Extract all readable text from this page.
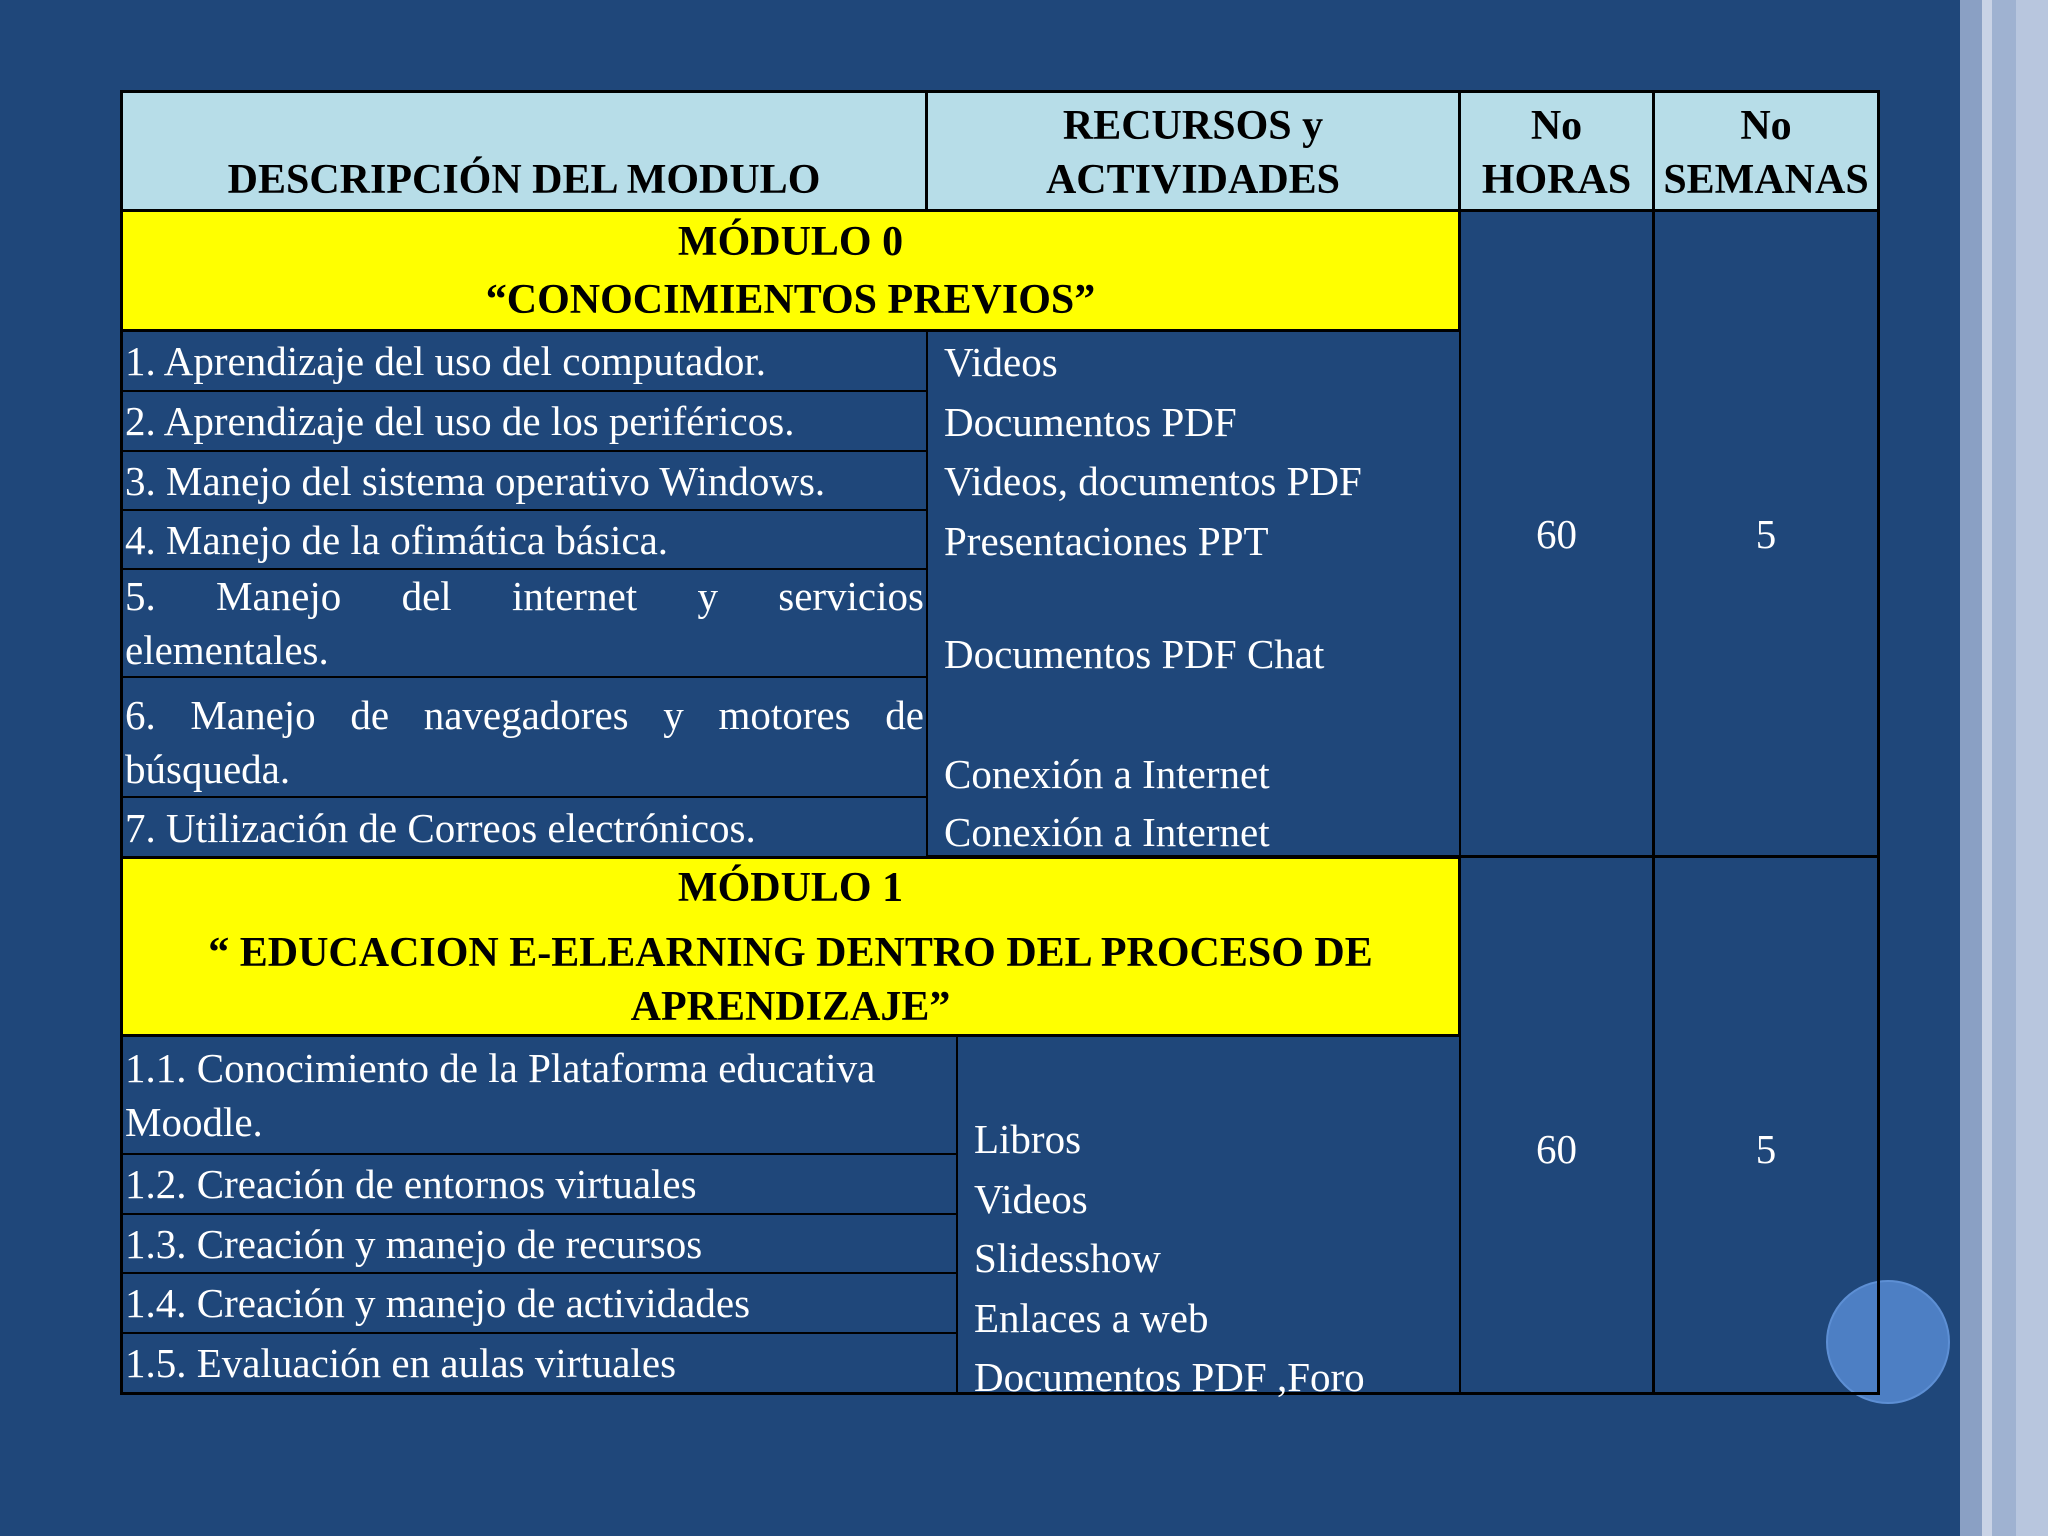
DESCRIPCIÓN DEL MODULO
RECURSOS y
ACTIVIDADES
No
HORAS
No
SEMANAS
MÓDULO 0
“CONOCIMIENTOS PREVIOS”
1. Aprendizaje del uso del computador.
2. Aprendizaje del uso de los periféricos.
3. Manejo del sistema operativo Windows.
4. Manejo de la ofimática básica.
5. Manejo del internet y servicios
elementales.
6. Manejo de navegadores y motores de
búsqueda.
7. Utilización de Correos electrónicos.
Videos
Documentos PDF
Videos, documentos PDF
Presentaciones PPT
Documentos PDF Chat
Conexión a Internet
Conexión a Internet
60	5
MÓDULO 1
“ EDUCACION E-ELEARNING DENTRO DEL PROCESO DE
APRENDIZAJE”
1.1. Conocimiento de la Plataforma educativa
Moodle.
1.2. Creación de entornos virtuales
1.3. Creación y manejo de recursos
1.4. Creación y manejo de actividades
1.5. Evaluación en aulas virtuales
Libros
Videos
Slidesshow
Enlaces a web
Documentos PDF ,Foro
60	5
